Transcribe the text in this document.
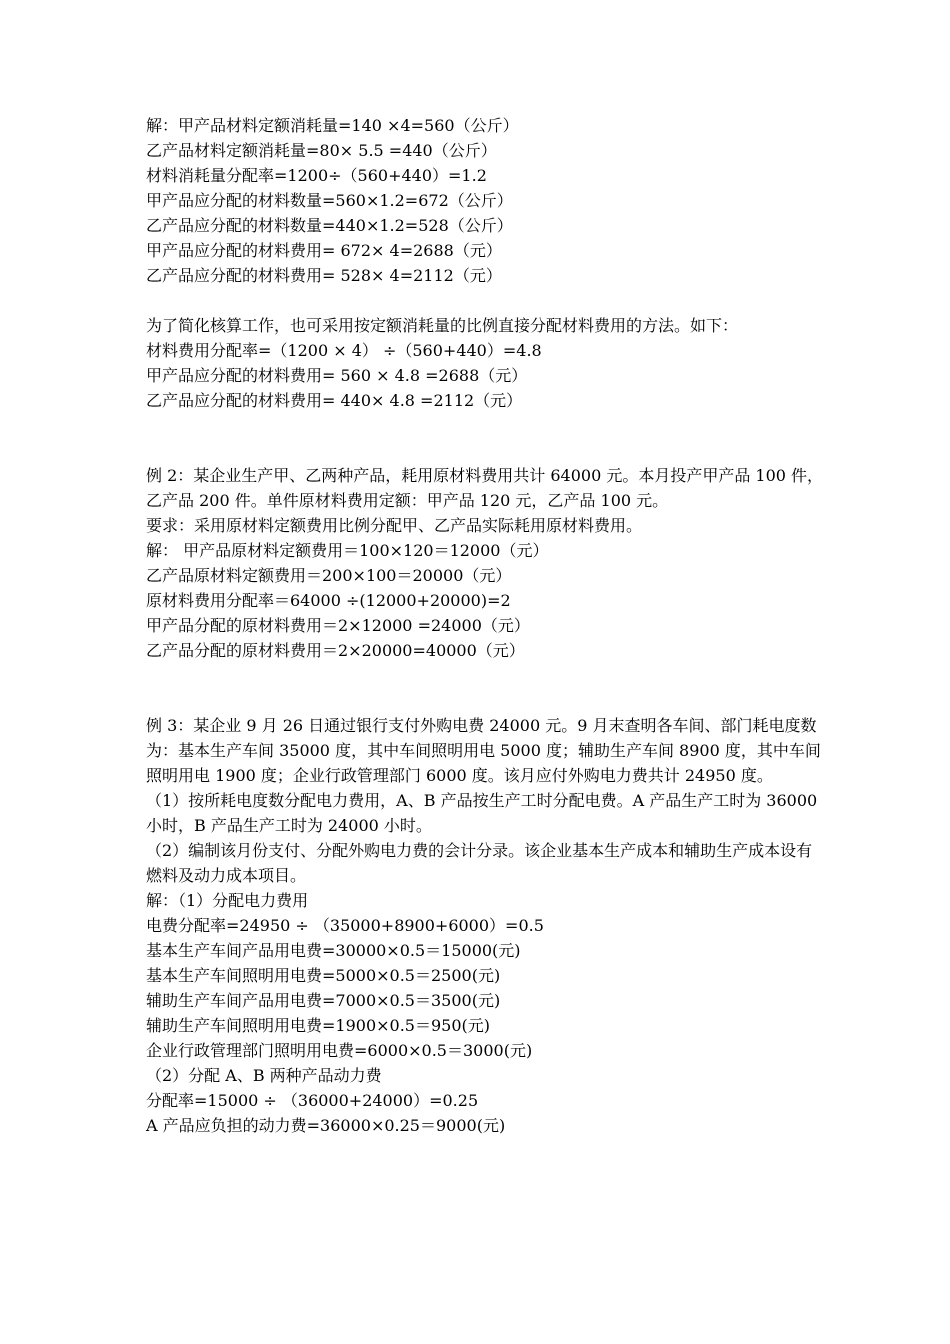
解：甲产品材料定额消耗量=140 ×4=560（公斤）

乙产品材料定额消耗量=80× 5.5 =440（公斤）

材料消耗量分配率=1200÷（560+440）=1.2

甲产品应分配的材料数量=560×1.2=672（公斤）

乙产品应分配的材料数量=440×1.2=528（公斤）

甲产品应分配的材料费用= 672× 4=2688（元）

乙产品应分配的材料费用= 528× 4=2112（元）

为了简化核算工作，也可采用按定额消耗量的比例直接分配材料费用的方法。如下：

材料费用分配率=（1200 × 4） ÷（560+440）=4.8

甲产品应分配的材料费用= 560 × 4.8 =2688（元）

乙产品应分配的材料费用= 440× 4.8 =2112（元）

例 2：某企业生产甲、乙两种产品，耗用原材料费用共计 64000 元。本月投产甲产品 100 件，乙产品 200 件。单件原材料费用定额：甲产品 120 元，乙产品 100 元。

要求：采用原材料定额费用比例分配甲、乙产品实际耗用原材料费用。

解： 甲产品原材料定额费用＝100×120＝12000（元）

乙产品原材料定额费用＝200×100＝20000（元）

原材料费用分配率＝64000 ÷(12000+20000)=2

甲产品分配的原材料费用＝2×12000 =24000（元）

乙产品分配的原材料费用＝2×20000=40000（元）

例 3：某企业 9 月 26 日通过银行支付外购电费 24000 元。9 月末查明各车间、部门耗电度数为：基本生产车间 35000 度，其中车间照明用电 5000 度；辅助生产车间 8900 度，其中车间照明用电 1900 度；企业行政管理部门 6000 度。该月应付外购电力费共计 24950 度。

（1）按所耗电度数分配电力费用，A、B 产品按生产工时分配电费。A 产品生产工时为 36000 小时，B 产品生产工时为 24000 小时。

（2）编制该月份支付、分配外购电力费的会计分录。该企业基本生产成本和辅助生产成本设有燃料及动力成本项目。

解：（1）分配电力费用

电费分配率=24950 ÷ （35000+8900+6000）=0.5

基本生产车间产品用电费=30000×0.5＝15000(元)

基本生产车间照明用电费=5000×0.5＝2500(元)

辅助生产车间产品用电费=7000×0.5＝3500(元)

辅助生产车间照明用电费=1900×0.5＝950(元)

企业行政管理部门照明用电费=6000×0.5＝3000(元)

（2）分配 A、B 两种产品动力费

分配率=15000 ÷ （36000+24000）=0.25

A 产品应负担的动力费=36000×0.25＝9000(元)
